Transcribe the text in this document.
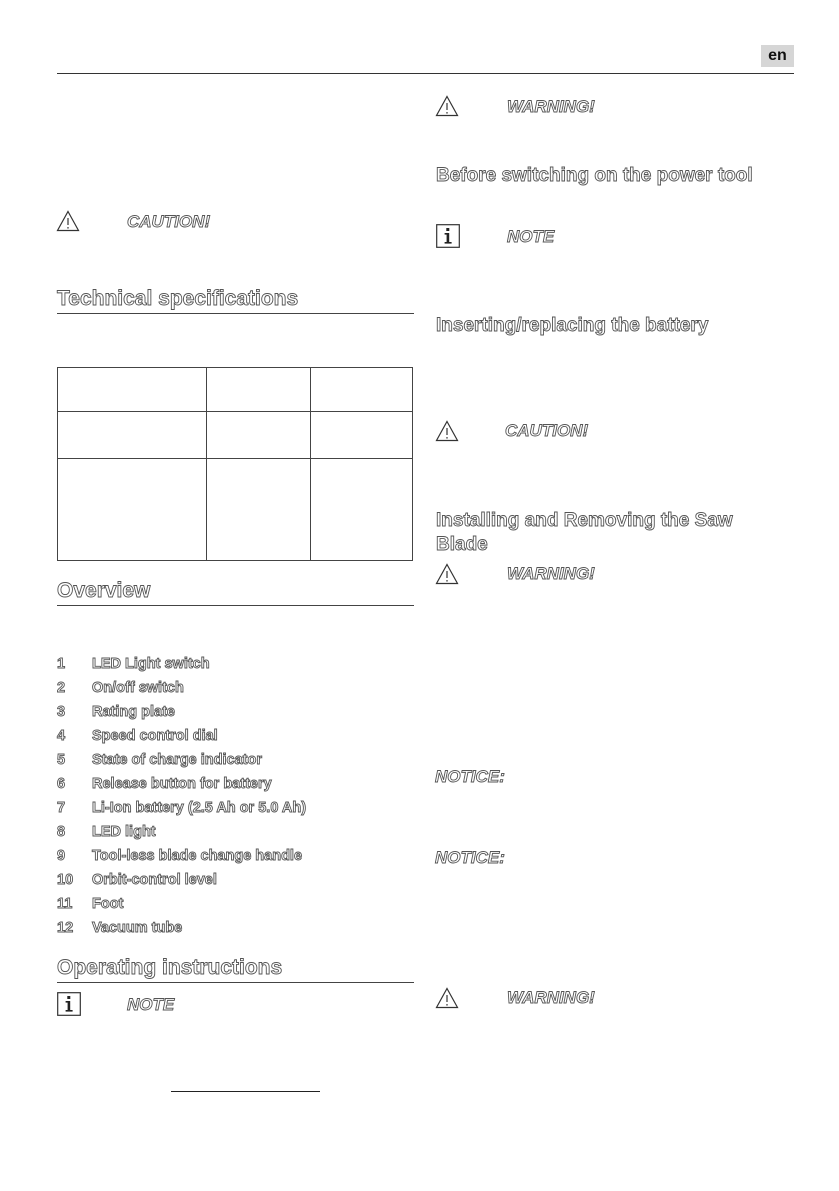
en
CAUTION!
Technical specifications
Overview
1 LED Light switch
2 On/off switch
3 Rating plate
4 Speed control dial
5 State of charge indicator
6 Release button for battery
7 Li-Ion battery (2.5 Ah or 5.0 Ah)
8 LED light
9 Tool-less blade change handle
10 Orbit-control level
11 Foot
12 Vacuum tube
Operating instructions
NOTE
WARNING!
Before switching on the power tool
NOTE
Inserting/replacing the battery
CAUTION!
Installing and Removing the Saw Blade
WARNING!
NOTICE:
NOTICE:
WARNING!
